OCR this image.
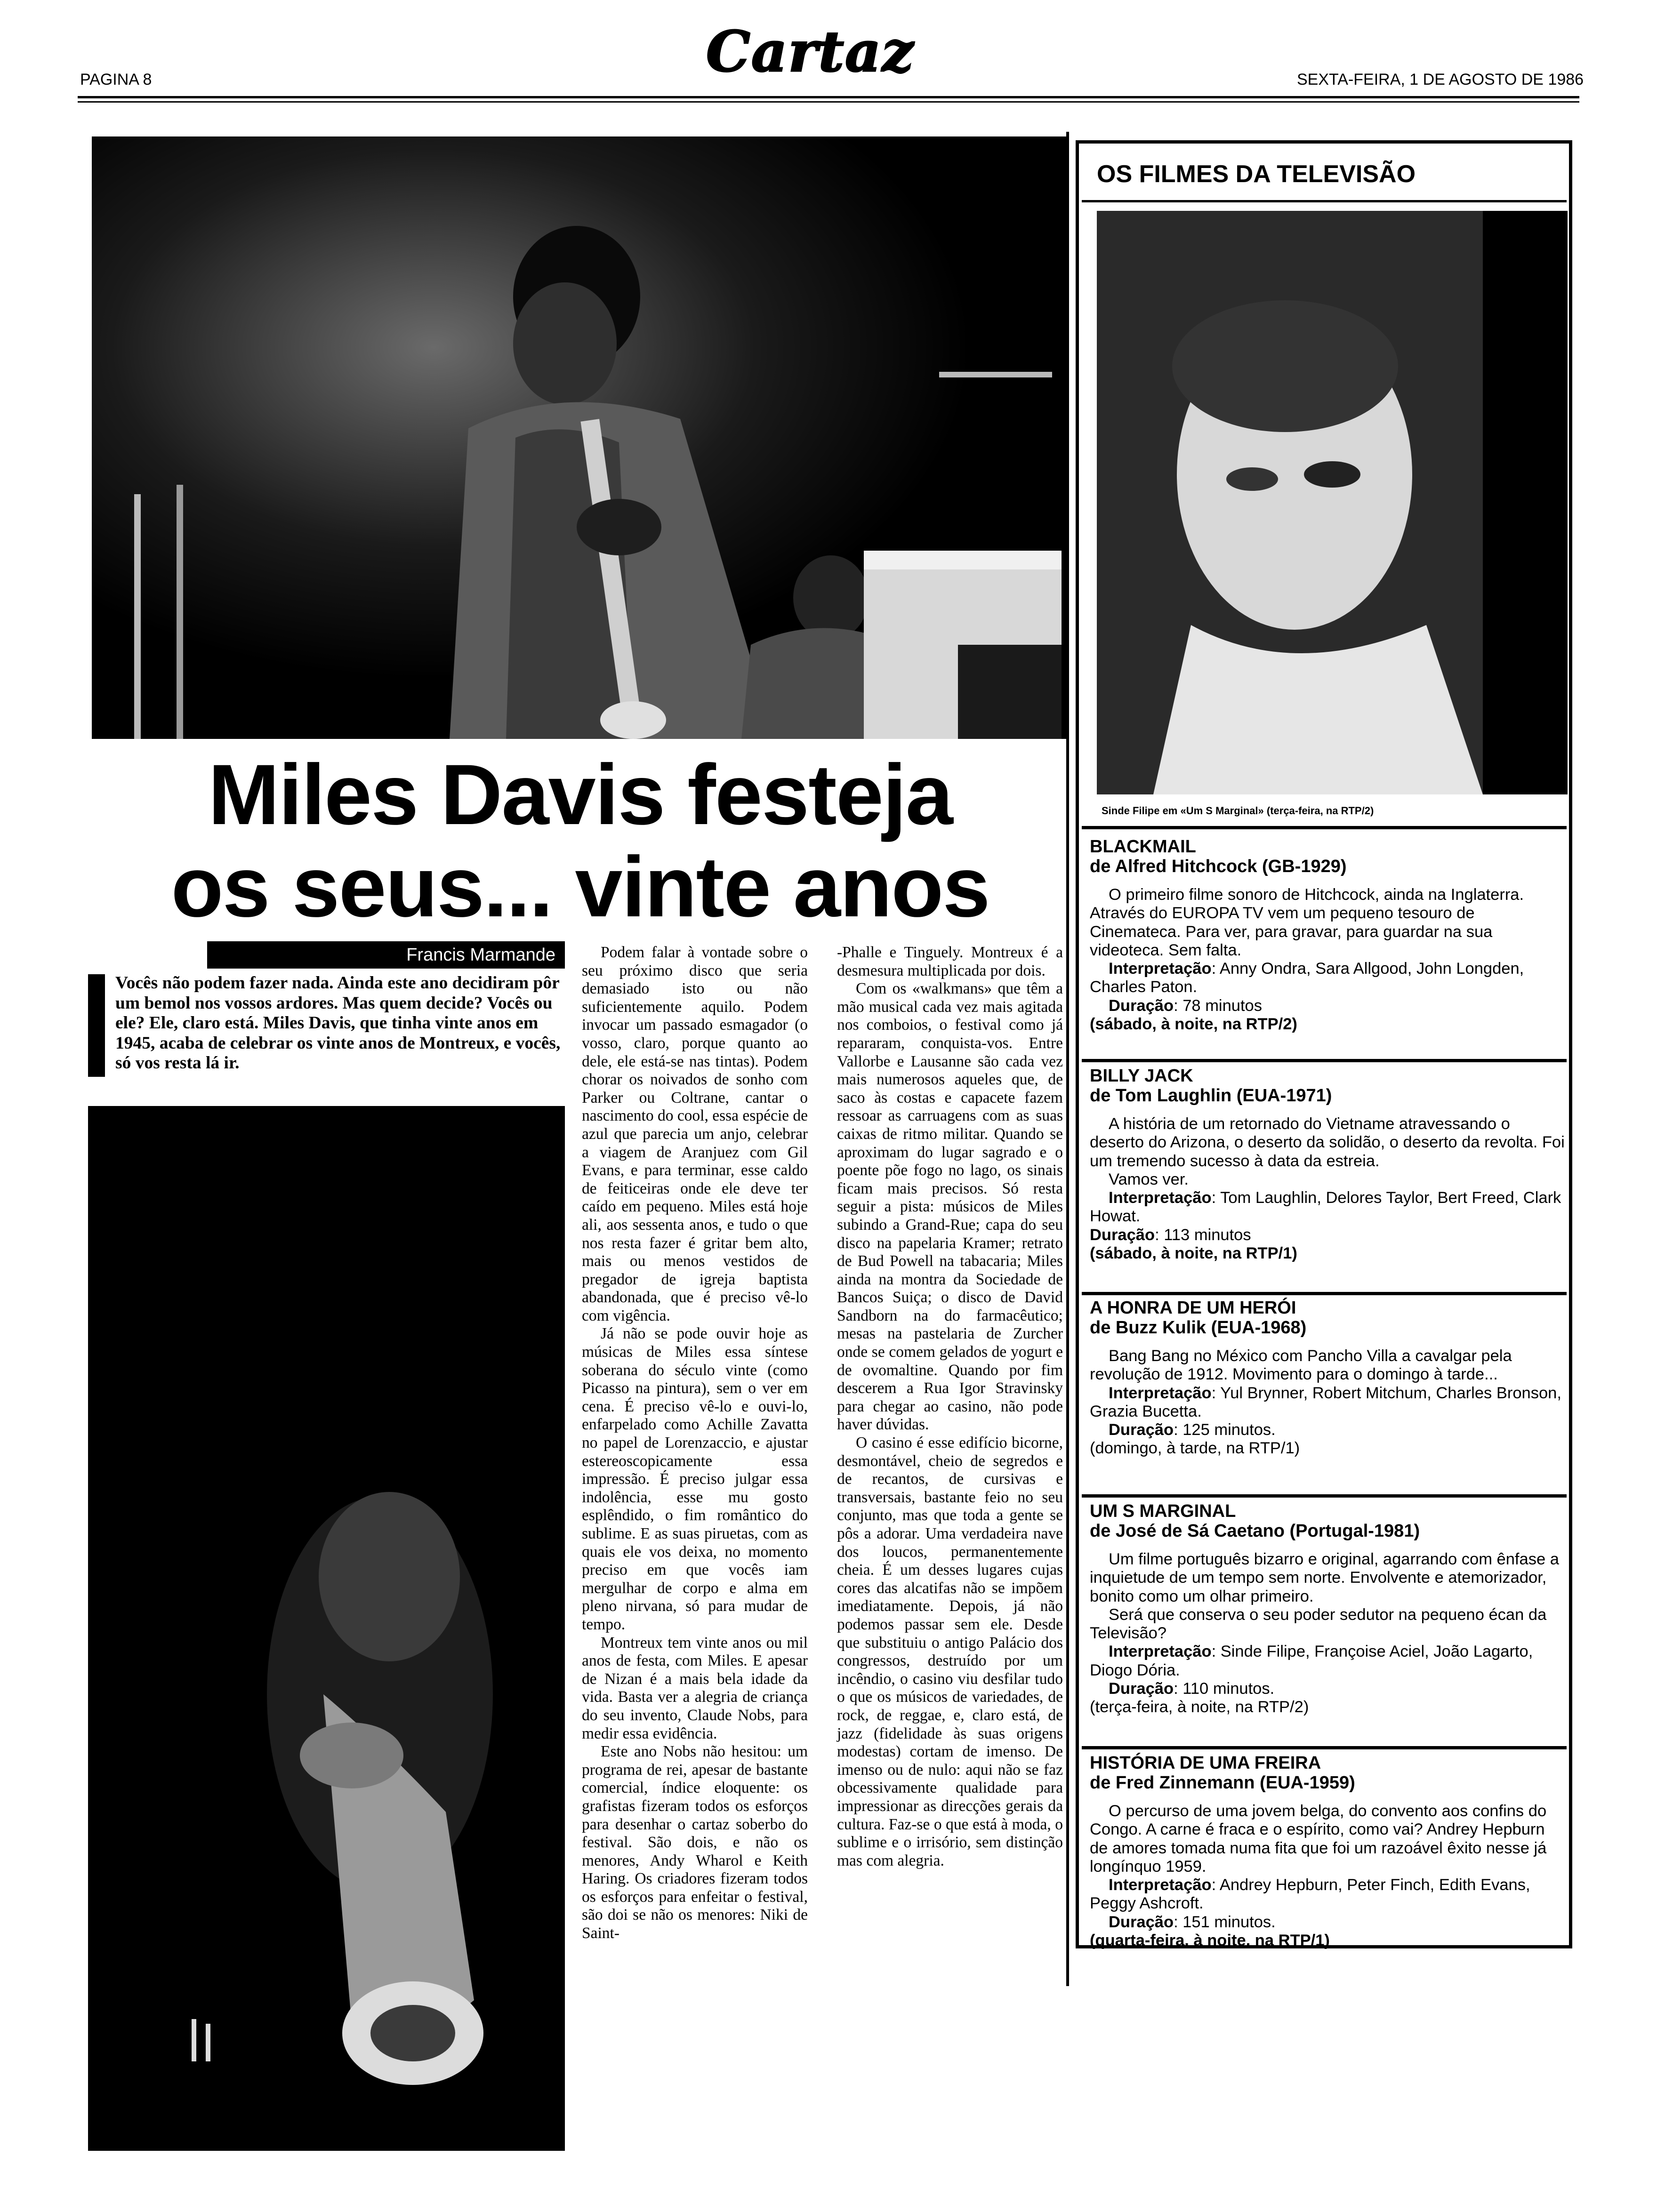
PAGINA 8	Cartaz	SEXTA-FEIRA, 1 DE AGOSTO DE 1986
Miles Davis festeja
os seus... vinte anos
Francis Marmande
Vocês não podem fazer nada. Ainda este ano decidiram pôr um bemol nos vossos ardores. Mas quem decide? Vocês ou ele? Ele, claro está. Miles Davis, que tinha vinte anos em 1945, acaba de celebrar os vinte anos de Montreux, e vocês, só vos resta lá ir.

Podem falar à vontade sobre o seu próximo disco que seria demasiado isto ou não suficientemente aquilo. Podem invocar um passado esmagador (o vosso, claro, porque quanto ao dele, ele está-se nas tintas). Podem chorar os noivados de sonho com Parker ou Coltrane, cantar o nascimento do cool, essa espécie de azul que parecia um anjo, celebrar a viagem de Aranjuez com Gil Evans, e para terminar, esse caldo de feiticeiras onde ele deve ter caído em pequeno. Miles está hoje ali, aos sessenta anos, e tudo o que nos resta fazer é gritar bem alto, mais ou menos vestidos de pregador de igreja baptista abandonada, que é preciso vê-lo com vigência.

Já não se pode ouvir hoje as músicas de Miles essa síntese soberana do século vinte (como Picasso na pintura), sem o ver em cena. É preciso vê-lo e ouvi-lo, enfarpelado como Achille Zavatta no papel de Lorenzaccio, e ajustar estereoscopicamente essa impressão. É preciso julgar essa indolência, esse mu gosto esplêndido, o fim romântico do sublime. E as suas piruetas, com as quais ele vos deixa, no momento preciso em que vocês iam mergulhar de corpo e alma em pleno nirvana, só para mudar de tempo.

Montreux tem vinte anos ou mil anos de festa, com Miles. E apesar de Nizan é a mais bela idade da vida. Basta ver a alegria de criança do seu invento, Claude Nobs, para medir essa evidência.

Este ano Nobs não hesitou: um programa de rei, apesar de bastante comercial, índice eloquente: os grafistas fizeram todos os esforços para desenhar o cartaz soberbo do festival. São dois, e não os menores, Andy Wharol e Keith Haring. Os criadores fizeram todos os esforços para enfeitar o festival, são doi se não os menores: Niki de Saint-

-Phalle e Tinguely. Montreux é a desmesura multiplicada por dois.

Com os «walkmans» que têm a mão musical cada vez mais agitada nos comboios, o festival como já repararam, conquista-vos. Entre Vallorbe e Lausanne são cada vez mais numerosos aqueles que, de saco às costas e capacete fazem ressoar as carruagens com as suas caixas de ritmo militar. Quando se aproximam do lugar sagrado e o poente põe fogo no lago, os sinais ficam mais precisos. Só resta seguir a pista: músicos de Miles subindo a Grand-Rue; capa do seu disco na papelaria Kramer; retrato de Bud Powell na tabacaria; Miles ainda na montra da Sociedade de Bancos Suiça; o disco de David Sandborn na do farmacêutico; mesas na pastelaria de Zurcher onde se comem gelados de yogurt e de ovomaltine. Quando por fim descerem a Rua Igor Stravinsky para chegar ao casino, não pode haver dúvidas.

O casino é esse edifício bicorne, desmontável, cheio de segredos e de recantos, de cursivas e transversais, bastante feio no seu conjunto, mas que toda a gente se pôs a adorar. Uma verdadeira nave dos loucos, permanentemente cheia. É um desses lugares cujas cores das alcatifas não se impõem imediatamente. Depois, já não podemos passar sem ele. Desde que substituiu o antigo Palácio dos congressos, destruído por um incêndio, o casino viu desfilar tudo o que os músicos de variedades, de rock, de reggae, e, claro está, de jazz (fidelidade às suas origens modestas) cortam de imenso. De imenso ou de nulo: aqui não se faz obcessivamente qualidade para impressionar as direcções gerais da cultura. Faz-se o que está à moda, o sublime e o irrisório, sem distinção mas com alegria.

OS FILMES DA TELEVISÃO
Sinde Filipe em «Um S Marginal» (terça-feira, na RTP/2)
BLACKMAIL
de Alfred Hitchcock (GB-1929)

O primeiro filme sonoro de Hitchcock, ainda na Inglaterra. Através do EUROPA TV vem um pequeno tesouro de Cinemateca. Para ver, para gravar, para guardar na sua videoteca. Sem falta.

Interpretação: Anny Ondra, Sara Allgood, John Longden, Charles Paton.

Duração: 78 minutos

(sábado, à noite, na RTP/2)

BILLY JACK
de Tom Laughlin (EUA-1971)

A história de um retornado do Vietname atravessando o deserto do Arizona, o deserto da solidão, o deserto da revolta. Foi um tremendo sucesso à data da estreia.

Vamos ver.

Interpretação: Tom Laughlin, Delores Taylor, Bert Freed, Clark Howat.

Duração: 113 minutos

(sábado, à noite, na RTP/1)

A HONRA DE UM HERÓI
de Buzz Kulik (EUA-1968)

Bang Bang no México com Pancho Villa a cavalgar pela revolução de 1912. Movimento para o domingo à tarde...

Interpretação: Yul Brynner, Robert Mitchum, Charles Bronson, Grazia Bucetta.

Duração: 125 minutos.

(domingo, à tarde, na RTP/1)

UM S MARGINAL
de José de Sá Caetano (Portugal-1981)

Um filme português bizarro e original, agarrando com ênfase a inquietude de um tempo sem norte. Envolvente e atemorizador, bonito como um olhar primeiro.

Será que conserva o seu poder sedutor na pequeno écan da Televisão?

Interpretação: Sinde Filipe, Françoise Aciel, João Lagarto, Diogo Dória.

Duração: 110 minutos.

(terça-feira, à noite, na RTP/2)

HISTÓRIA DE UMA FREIRA
de Fred Zinnemann (EUA-1959)

O percurso de uma jovem belga, do convento aos confins do Congo. A carne é fraca e o espírito, como vai? Andrey Hepburn de amores tomada numa fita que foi um razoável êxito nesse já longínquo 1959.

Interpretação: Andrey Hepburn, Peter Finch, Edith Evans, Peggy Ashcroft.

Duração: 151 minutos.

(quarta-feira, à noite, na RTP/1)
